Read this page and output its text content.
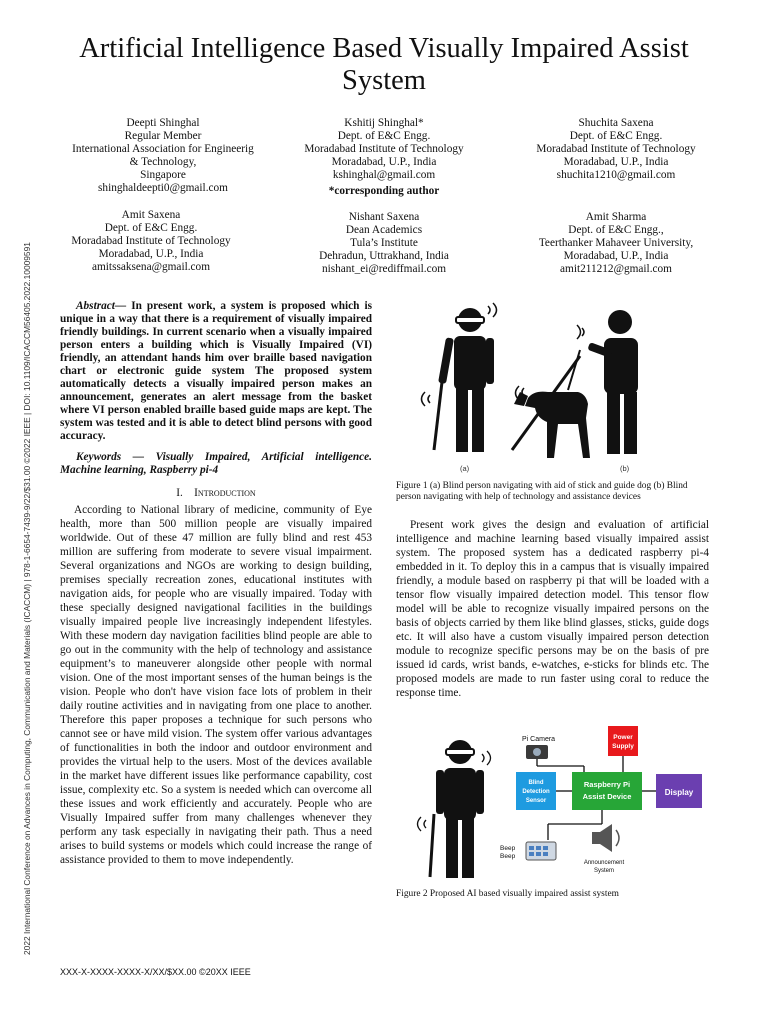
2022 International Conference on Advances in Computing, Communication and Materials (ICACCM) | 978-1-6654-7439-9/22/$31.00 ©2022 IEEE | DOI: 10.1109/ICACCM56405.2022.10009591
Artificial Intelligence Based Visually Impaired Assist System
Deepti Shinghal
Regular Member
International Association for Engineerig & Technology,
Singapore
shinghaldeepti0@gmail.com
Kshitij Shinghal*
Dept. of E&C Engg.
Moradabad Institute of Technology
Moradabad, U.P., India
kshinghal@gmail.com
*corresponding author
Shuchita Saxena
Dept. of E&C Engg.
Moradabad Institute of Technology
Moradabad, U.P., India
shuchita1210@gmail.com
Amit Saxena
Dept. of E&C Engg.
Moradabad Institute of Technology
Moradabad, U.P., India
amitssaksena@gmail.com
Nishant Saxena
Dean Academics
Tula’s Institute
Dehradun, Uttrakhand, India
nishant_ei@rediffmail.com
Amit Sharma
Dept. of E&C Engg.,
Teerthanker Mahaveer University,
Moradabad, U.P., India
amit211212@gmail.com
Abstract— In present work, a system is proposed which is unique in a way that there is a requirement of visually impaired friendly buildings. In current scenario when a visually impaired person enters a building which is Visually Impaired (VI) friendly, an attendant hands him over braille based navigation chart or electronic guide system The proposed system automatically detects a visually impaired person makes an announcement, generates an alert message from the basket where VI person enabled braille based guide maps are kept. The system was tested and it is able to detect blind persons with good accuracy.
Keywords — Visually Impaired, Artificial intelligence. Machine learning, Raspberry pi-4
I. Introduction

According to National library of medicine, community of Eye health, more than 500 million people are visually impaired worldwide. Out of these 47 million are fully blind and rest 453 million are suffering from moderate to severe visual impairment. Several organizations and NGOs are working to design building, premises specially recreation zones, educational institutes with navigation aids, for people who are visually impaired. Today with these specially designed navigational facilities in the buildings visually impaired people live increasingly independent lifestyles. With these modern day navigation facilities blind people are able to go out in the community with the help of technology and assistance equipment’s to maneuverer alongside other people with normal vision. One of the most important senses of the human beings is the vision. People who don't have vision face lots of problem in their daily routine activities and in navigating from one place to another. Therefore this paper proposes a technique for such persons who cannot see or have mild vision. The system offer various advantages of functionalities in both the indoor and outdoor environment and provides the virtual help to the users. Most of the devices available in the market have different issues like performance capability, cost issue, complexity etc. So a system is needed which can overcome all these issues and work efficiently and accurately. People who are Visually Impaired suffer from many challenges whenever they perform any task especially in navigating their path. Thus a need arises to build systems or models which could increase the range of assistance provided to them to move independently.

(a)	(b)
Figure 1 (a) Blind person navigating with aid of stick and guide dog (b) Blind person navigating with help of technology and assistance devices

Present work gives the design and evaluation of artificial intelligence and machine learning based visually impaired assist system. The proposed system has a dedicated raspberry pi-4 embedded in it. To deploy this in a campus that is visually impaired friendly, a module based on raspberry pi that will be loaded with a tensor flow visually impaired detection model. This tensor flow model will be able to recognize visually impaired persons on the basis of objects carried by them like blind glasses, sticks, guide dogs etc. It will also have a custom visually impaired person detection module to recognize specific persons may be on the basis of pre issued id cards, wrist bands, e-watches, e-sticks for blinds etc. The proposed models are made to run faster using coral to reduce the response time.

Pi Camera	Power
Supply
Blind
Detection
Sensor
Raspberry Pi
Assist Device	Display
Announcement
System
Beep
Beep
Figure 2 Proposed AI based visually impaired assist system
XXX-X-XXXX-XXXX-X/XX/$XX.00 ©20XX IEEE
